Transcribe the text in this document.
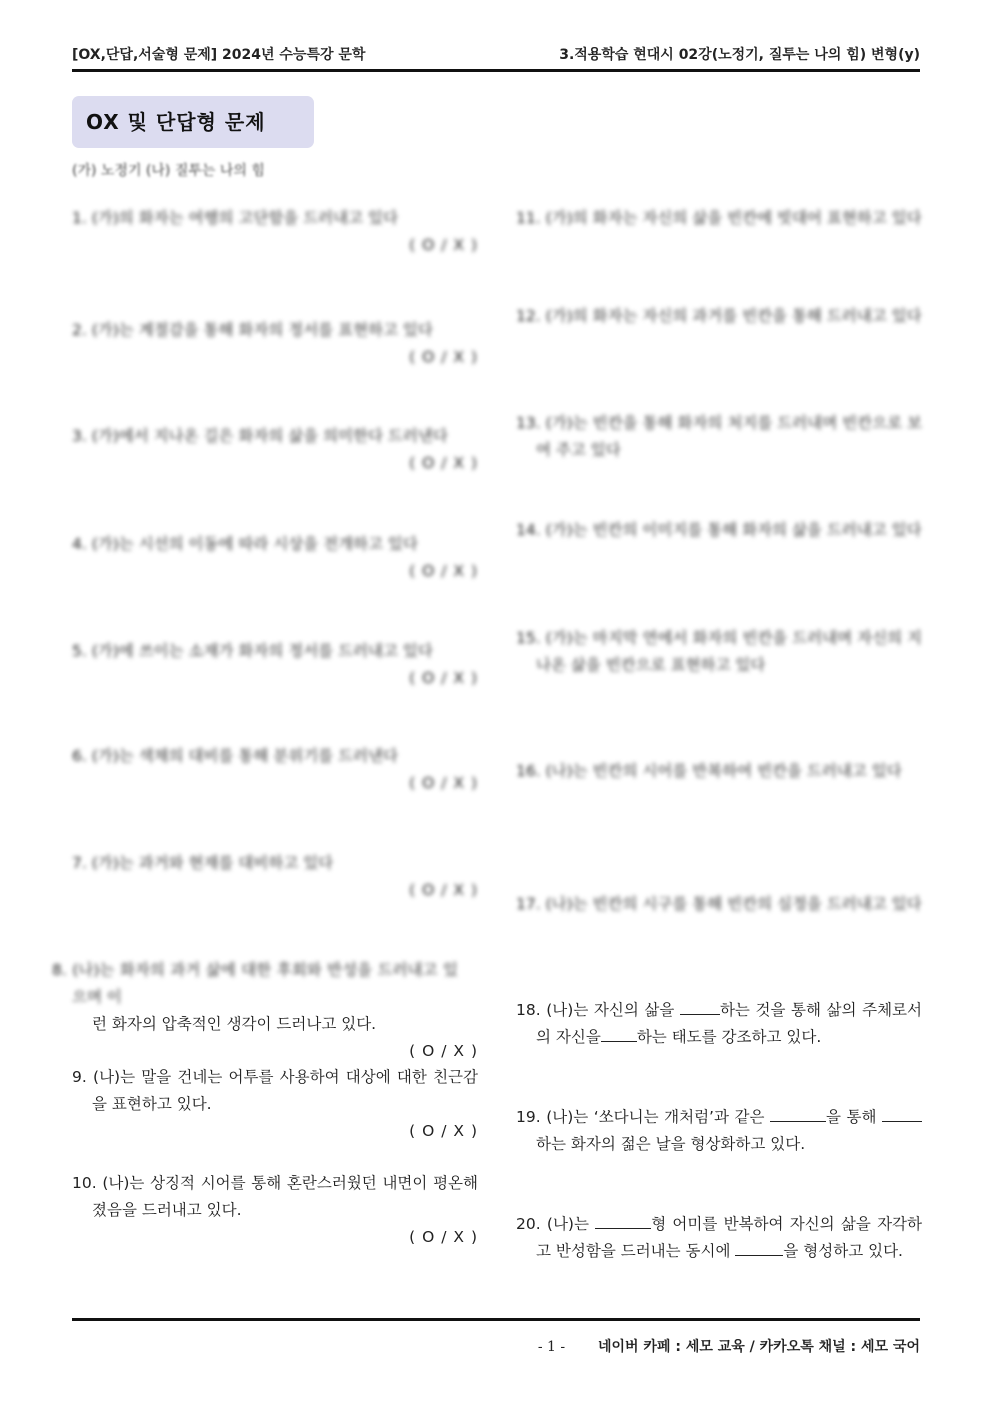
[OX,단답,서술형 문제] 2024년 수능특강 문학	3.적용학습 현대시 02강(노정기, 질투는 나의 힘) 변형(y)
OX 및 단답형 문제
(가) 노정기 (나) 질투는 나의 힘
1. (가)의 화자는 여행의 고단함을 드러내고 있다
( O / X )
2. (가)는 계절감을 통해 화자의 정서를 표현하고 있다
( O / X )
3. (가)에서 지나온 길은 화자의 삶을 의미한다 드러낸다
( O / X )
4. (가)는 시선의 이동에 따라 시상을 전개하고 있다
( O / X )
5. (가)에 쓰이는 소재가 화자의 정서를 드러내고 있다
( O / X )
6. (가)는 색채의 대비를 통해 분위기를 드러낸다
( O / X )
7. (가)는 과거와 현재를 대비하고 있다
( O / X )
8. (나)는 화자의 과거 삶에 대한 후회와 반성을 드러내고 있으며 이
런 화자의 압축적인 생각이 드러나고 있다.
( O / X )
9. (나)는 말을 건네는 어투를 사용하여 대상에 대한 친근감을 표현하고 있다.
( O / X )
10. (나)는 상징적 시어를 통해 혼란스러웠던 내면이 평온해졌음을 드러내고 있다.
( O / X )
11. (가)의 화자는 자신의 삶을 빈칸에 빗대어 표현하고 있다
12. (가)의 화자는 자신의 과거를 빈칸을 통해 드러내고 있다
13. (가)는 빈칸을 통해 화자의 처지를 드러내며 빈칸으로 보여 주고 있다
14. (가)는 빈칸의 이미지를 통해 화자의 삶을 드러내고 있다
15. (가)는 마지막 연에서 화자의 빈칸을 드러내며 자신의 지나온 삶을 빈칸으로 표현하고 있다
16. (나)는 빈칸의 시어를 반복하여 빈칸을 드러내고 있다
17. (나)는 빈칸의 시구를 통해 빈칸의 심정을 드러내고 있다
18. (나)는 자신의 삶을	하는 것을 통해 삶의 주체로서의 자신을 하는 태도를 강조하고 있다.
19. (나)는 ‘쏘다니는 개처럼’과 같은	을 통해 하는 화자의 젊은 날을 형상화하고 있다.
20. (나)는	형 어미를 반복하여 자신의 삶을 자각하고 반성함을 드러내는 동시에	을 형성하고 있다.
- 1 - 네이버 카페 : 세모 교육 / 카카오톡 채널 : 세모 국어
